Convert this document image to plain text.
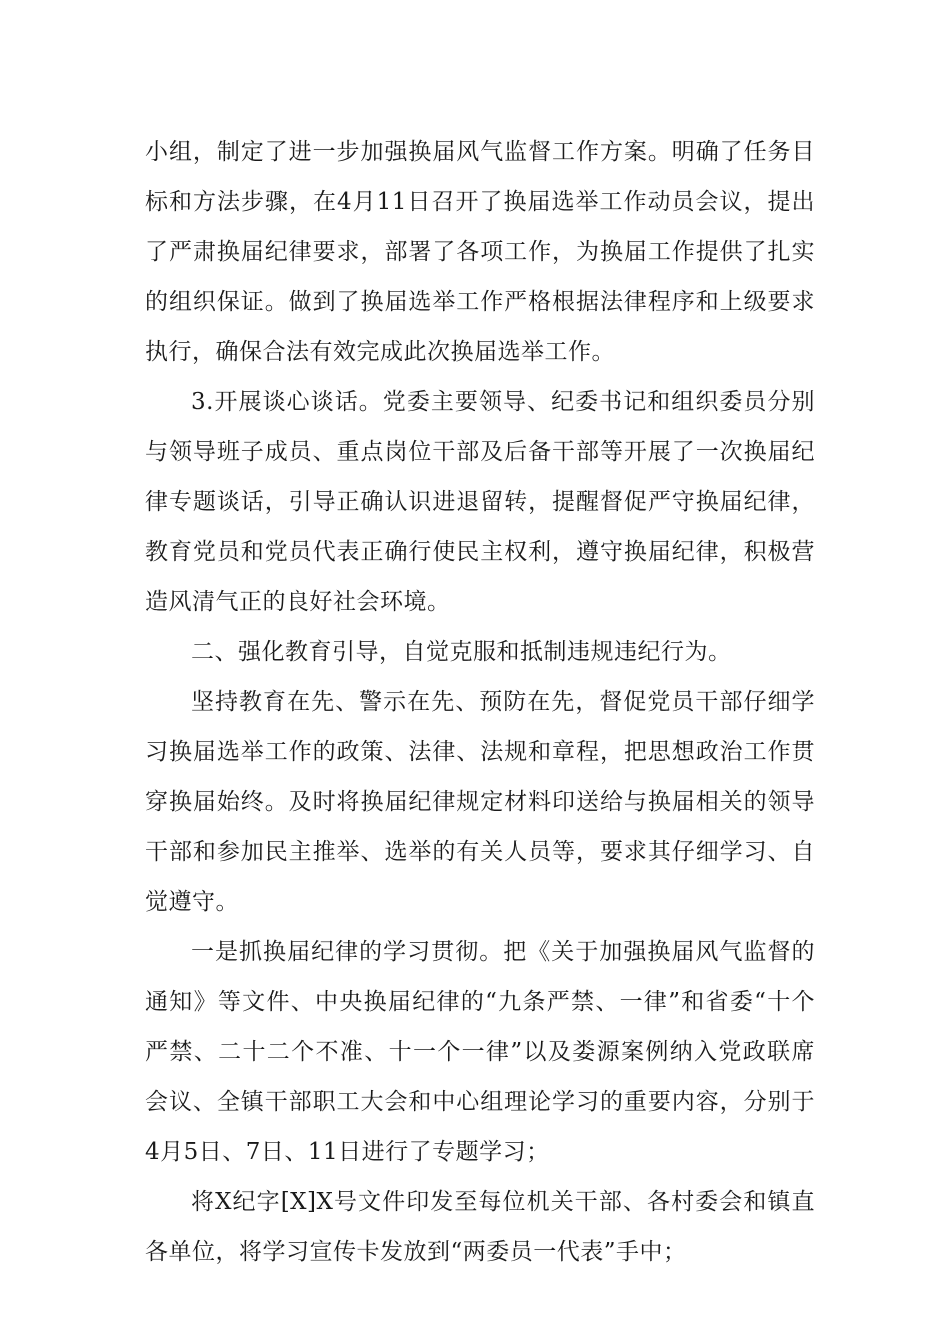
小组，制定了进一步加强换届风气监督工作方案。明确了任务目标和方法步骤，在4月11日召开了换届选举工作动员会议，提出了严肃换届纪律要求，部署了各项工作，为换届工作提供了扎实的组织保证。做到了换届选举工作严格根据法律程序和上级要求执行，确保合法有效完成此次换届选举工作。

3.开展谈心谈话。党委主要领导、纪委书记和组织委员分别与领导班子成员、重点岗位干部及后备干部等开展了一次换届纪律专题谈话，引导正确认识进退留转，提醒督促严守换届纪律，教育党员和党员代表正确行使民主权利，遵守换届纪律，积极营造风清气正的良好社会环境。

二、强化教育引导，自觉克服和抵制违规违纪行为。

坚持教育在先、警示在先、预防在先，督促党员干部仔细学习换届选举工作的政策、法律、法规和章程，把思想政治工作贯穿换届始终。及时将换届纪律规定材料印送给与换届相关的领导干部和参加民主推举、选举的有关人员等，要求其仔细学习、自觉遵守。

一是抓换届纪律的学习贯彻。把《关于加强换届风气监督的通知》等文件、中央换届纪律的“九条严禁、一律”和省委“十个严禁、二十二个不准、十一个一律”以及娄源案例纳入党政联席会议、全镇干部职工大会和中心组理论学习的重要内容，分别于4月5日、7日、11日进行了专题学习；

将X纪字[X]X号文件印发至每位机关干部、各村委会和镇直各单位，将学习宣传卡发放到“两委员一代表”手中；
